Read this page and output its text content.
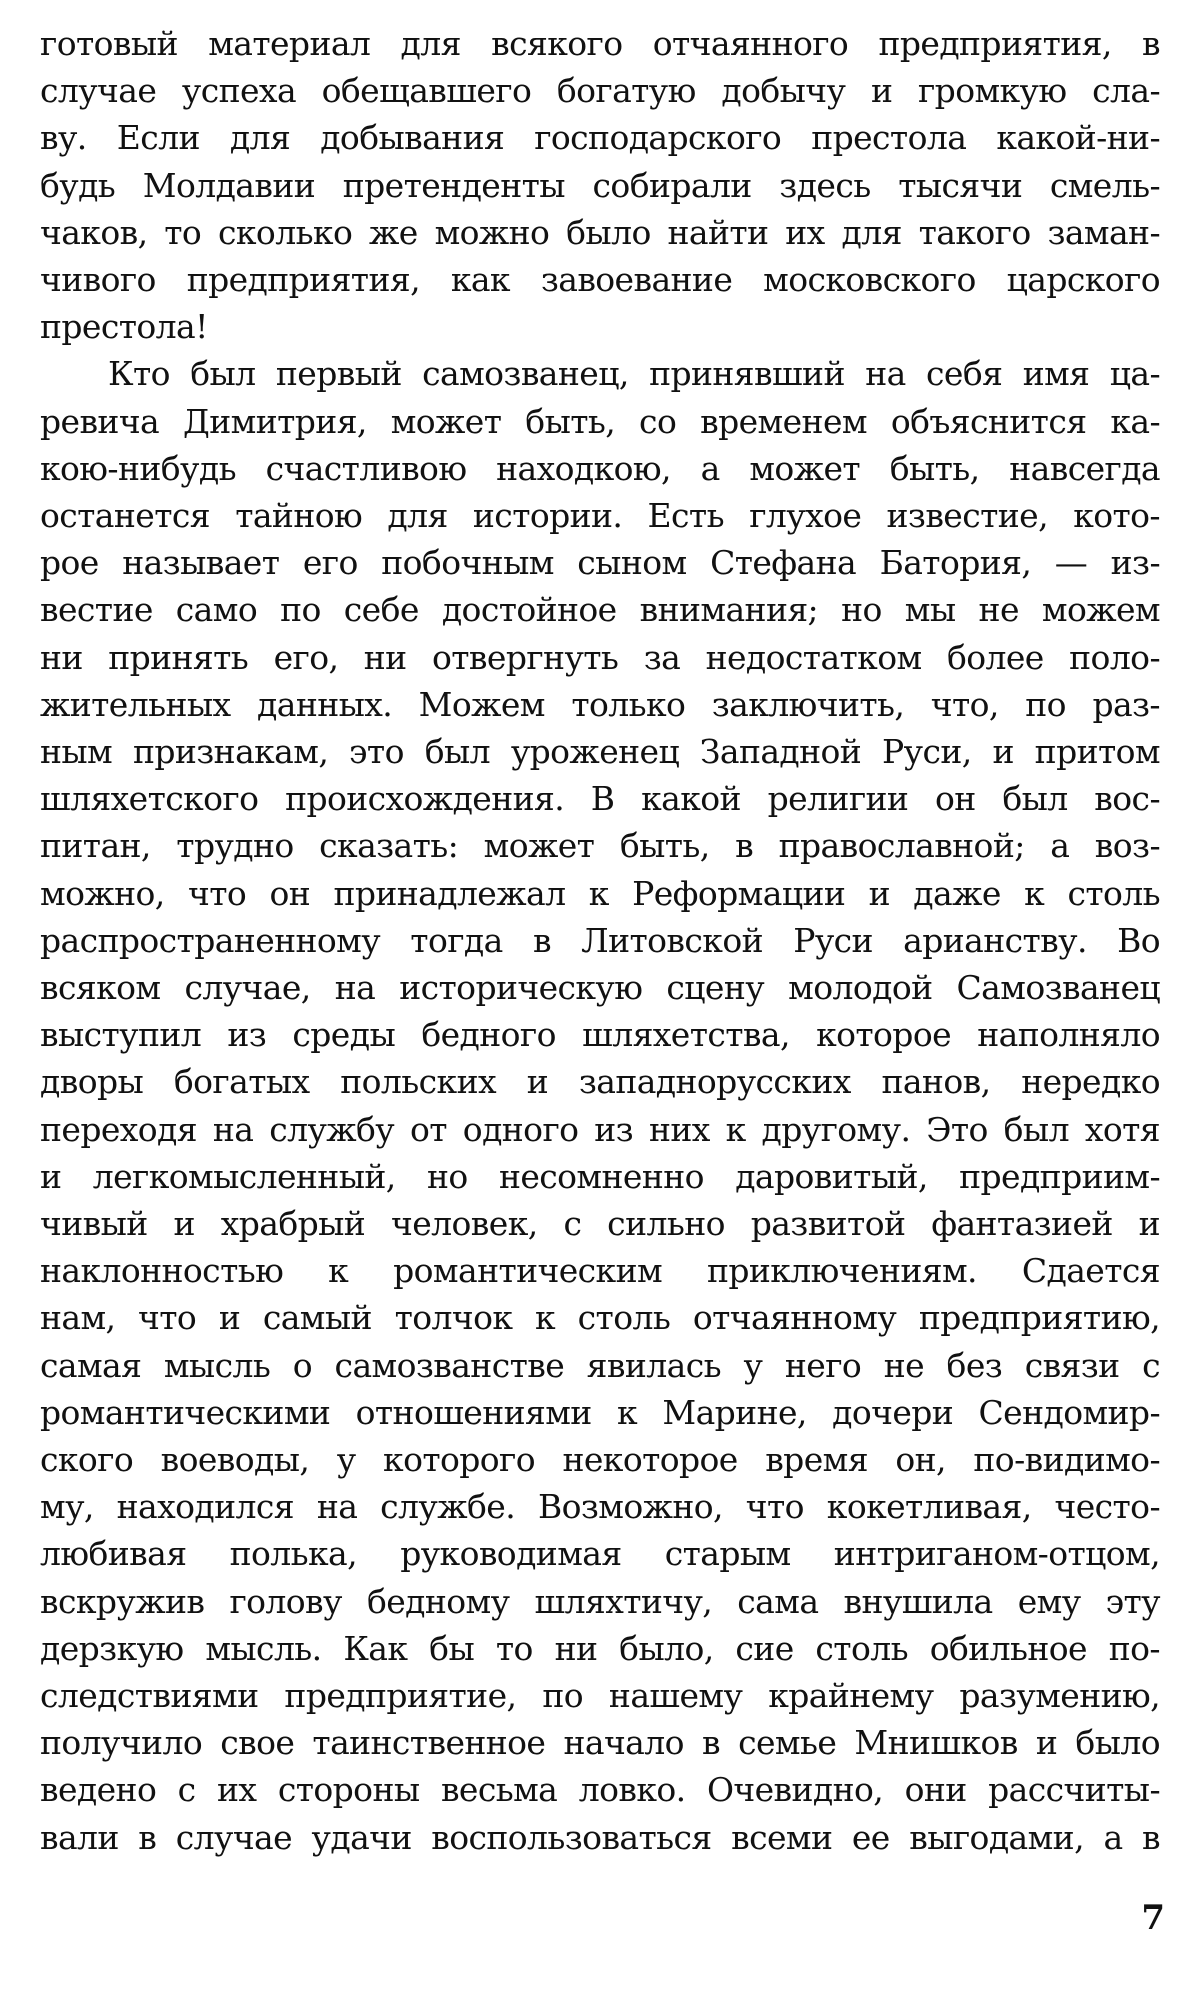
готовый материал для всякого отчаянного предприятия, в
случае успеха обещавшего богатую добычу и громкую сла-
ву. Если для добывания господарского престола какой-ни-
будь Молдавии претенденты собирали здесь тысячи смель-
чаков, то сколько же можно было найти их для такого заман-
чивого предприятия, как завоевание московского царского
престола!
Кто был первый самозванец, принявший на себя имя ца-
ревича Димитрия, может быть, со временем объяснится ка-
кою-нибудь счастливою находкою, а может быть, навсегда
останется тайною для истории. Есть глухое известие, кото-
рое называет его побочным сыном Стефана Батория, — из-
вестие само по себе достойное внимания; но мы не можем
ни принять его, ни отвергнуть за недостатком более поло-
жительных данных. Можем только заключить, что, по раз-
ным признакам, это был уроженец Западной Руси, и притом
шляхетского происхождения. В какой религии он был вос-
питан, трудно сказать: может быть, в православной; а воз-
можно, что он принадлежал к Реформации и даже к столь
распространенному тогда в Литовской Руси арианству. Во
всяком случае, на историческую сцену молодой Самозванец
выступил из среды бедного шляхетства, которое наполняло
дворы богатых польских и западнорусских панов, нередко
переходя на службу от одного из них к другому. Это был хотя
и легкомысленный, но несомненно даровитый, предприим-
чивый и храбрый человек, с сильно развитой фантазией и
наклонностью к романтическим приключениям. Сдается
нам, что и самый толчок к столь отчаянному предприятию,
самая мысль о самозванстве явилась у него не без связи с
романтическими отношениями к Марине, дочери Сендомир-
ского воеводы, у которого некоторое время он, по-видимо-
му, находился на службе. Возможно, что кокетливая, често-
любивая полька, руководимая старым интриганом-отцом,
вскружив голову бедному шляхтичу, сама внушила ему эту
дерзкую мысль. Как бы то ни было, сие столь обильное по-
следствиями предприятие, по нашему крайнему разумению,
получило свое таинственное начало в семье Мнишков и было
ведено с их стороны весьма ловко. Очевидно, они рассчиты-
вали в случае удачи воспользоваться всеми ее выгодами, а в
7
